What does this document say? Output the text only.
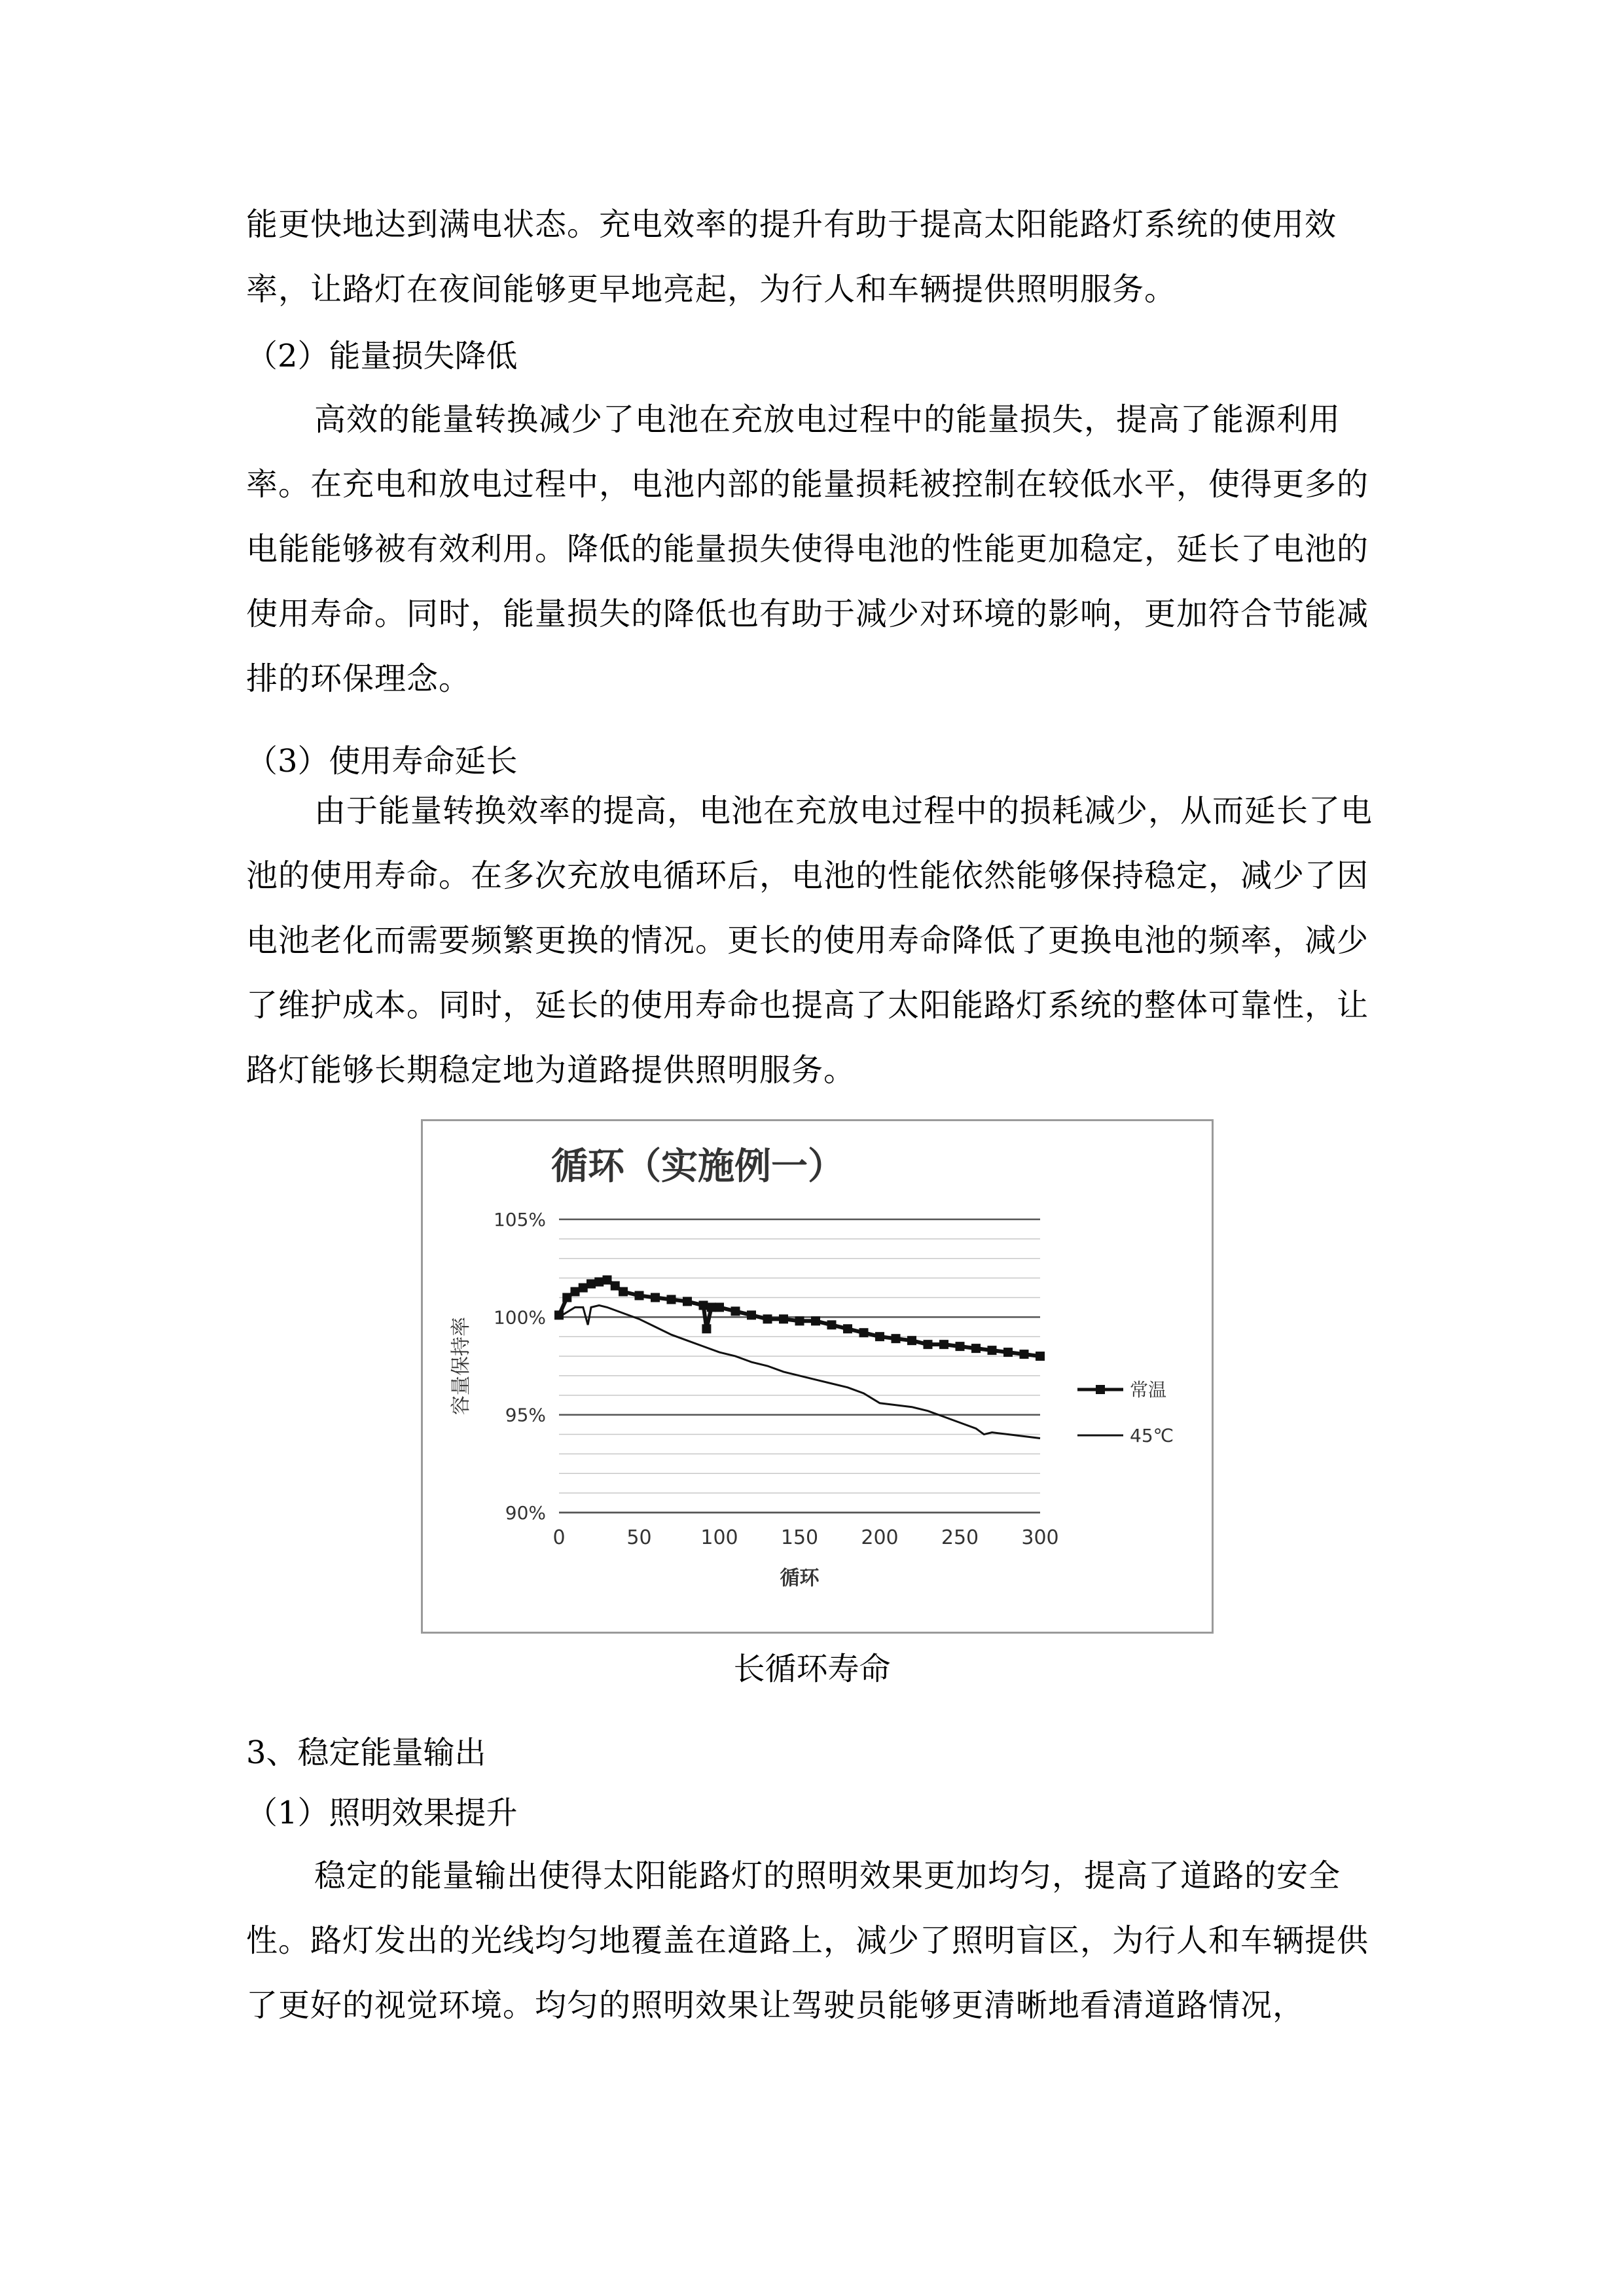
能更快地达到满电状态。充电效率的提升有助于提高太阳能路灯系统的使用效率，让路灯在夜间能够更早地亮起，为行人和车辆提供照明服务。

（2）能量损失降低

高效的能量转换减少了电池在充放电过程中的能量损失，提高了能源利用率。在充电和放电过程中，电池内部的能量损耗被控制在较低水平，使得更多的电能能够被有效利用。降低的能量损失使得电池的性能更加稳定，延长了电池的使用寿命。同时，能量损失的降低也有助于减少对环境的影响，更加符合节能减排的环保理念。

（3）使用寿命延长

由于能量转换效率的提高，电池在充放电过程中的损耗减少，从而延长了电池的使用寿命。在多次充放电循环后，电池的性能依然能够保持稳定，减少了因电池老化而需要频繁更换的情况。更长的使用寿命降低了更换电池的频率，减少了维护成本。同时，延长的使用寿命也提高了太阳能路灯系统的整体可靠性，让路灯能够长期稳定地为道路提供照明服务。

循环（实施例一）
容量保持率
循环
90%
95%
100%
105%
0	50 100 150 200 250 300
常温
45℃
长循环寿命

3、稳定能量输出

（1）照明效果提升

稳定的能量输出使得太阳能路灯的照明效果更加均匀，提高了道路的安全性。路灯发出的光线均匀地覆盖在道路上，减少了照明盲区，为行人和车辆提供了更好的视觉环境。均匀的照明效果让驾驶员能够更清晰地看清道路情况，
